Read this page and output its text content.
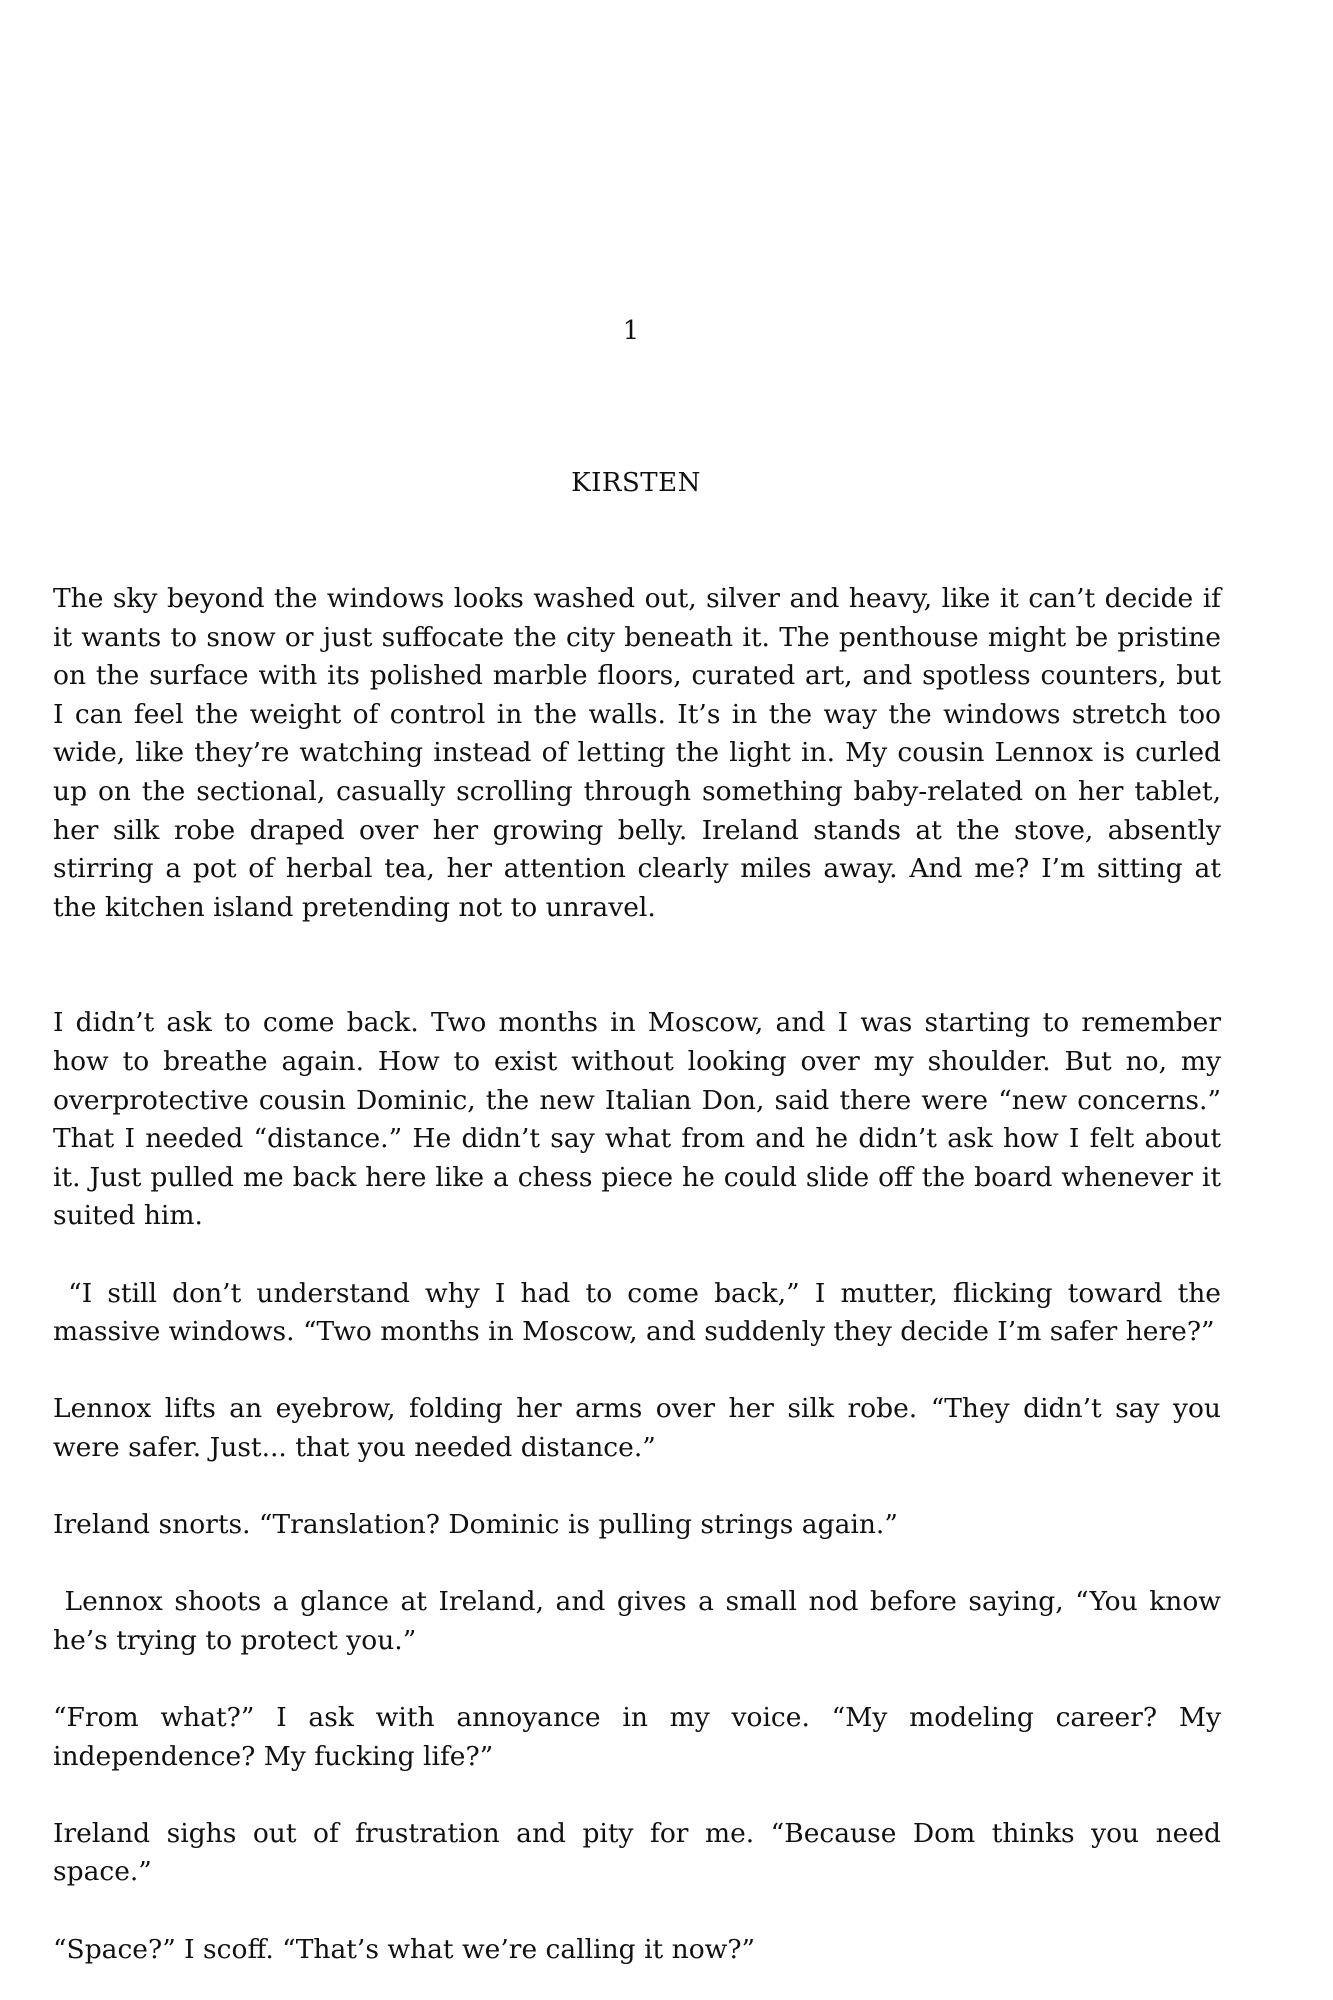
1
KIRSTEN

The sky beyond the windows looks washed out, silver and heavy, like it can’t decide if it wants to snow or just suffocate the city beneath it. The penthouse might be pristine on the surface with its polished marble floors, curated art, and spotless counters, but I can feel the weight of control in the walls. It’s in the way the windows stretch too wide, like they’re watching instead of letting the light in. My cousin Lennox is curled up on the sectional, casually scrolling through something baby-related on her tablet, her silk robe draped over her growing belly. Ireland stands at the stove, absently stirring a pot of herbal tea, her attention clearly miles away. And me? I’m sitting at the kitchen island pretending not to unravel.

I didn’t ask to come back. Two months in Moscow, and I was starting to remember how to breathe again. How to exist without looking over my shoulder. But no, my overprotective cousin Dominic, the new Italian Don, said there were “new concerns.” That I needed “distance.” He didn’t say what from and he didn’t ask how I felt about it. Just pulled me back here like a chess piece he could slide off the board whenever it suited him.

“I still don’t understand why I had to come back,” I mutter, flicking toward the massive windows. “Two months in Moscow, and suddenly they decide I’m safer here?”

Lennox lifts an eyebrow, folding her arms over her silk robe. “They didn’t say you were safer. Just... that you needed distance.”

Ireland snorts. “Translation? Dominic is pulling strings again.”

Lennox shoots a glance at Ireland, and gives a small nod before saying, “You know he’s trying to protect you.”

“From what?” I ask with annoyance in my voice. “My modeling career? My independence? My fucking life?”

Ireland sighs out of frustration and pity for me. “Because Dom thinks you need space.”

“Space?” I scoff. “That’s what we’re calling it now?”
